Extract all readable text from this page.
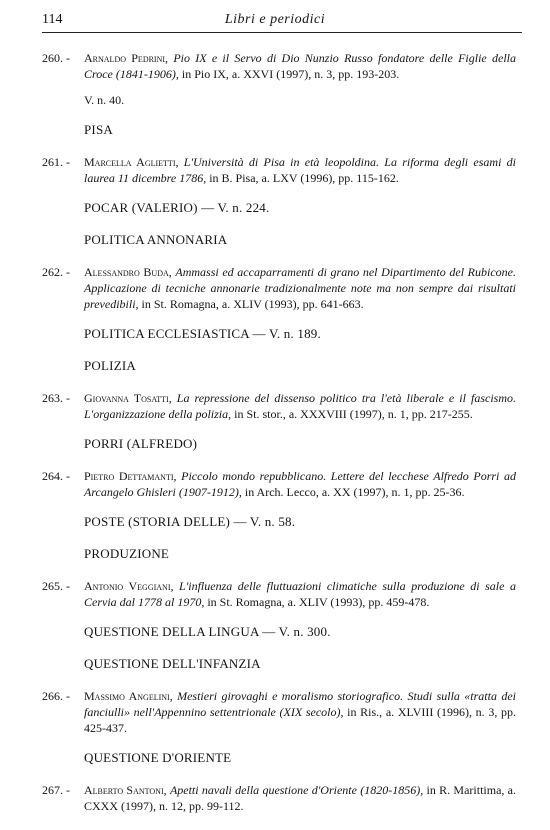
114	Libri e periodici
260. -	Arnaldo Pedrini, Pio IX e il Servo di Dio Nunzio Russo fondatore delle Figlie della Croce (1841-1906), in Pio IX, a. XXVI (1997), n. 3, pp. 193-203.
V. n. 40.
PISA
261. -	Marcella Aglietti, L'Università di Pisa in età leopoldina. La riforma degli esami di laurea 11 dicembre 1786, in B. Pisa, a. LXV (1996), pp. 115-162.
POCAR (VALERIO) — V. n. 224.
POLITICA ANNONARIA
262. -	Alessandro Buda, Ammassi ed accaparramenti di grano nel Dipartimento del Rubicone. Applicazione di tecniche annonarie tradizionalmente note ma non sempre dai risultati prevedibili, in St. Romagna, a. XLIV (1993), pp. 641-663.
POLITICA ECCLESIASTICA — V. n. 189.
POLIZIA
263. -	Giovanna Tosatti, La repressione del dissenso politico tra l'età liberale e il fascismo. L'organizzazione della polizia, in St. stor., a. XXXVIII (1997), n. 1, pp. 217-255.
PORRI (ALFREDO)
264. -	Pietro Dettamanti, Piccolo mondo repubblicano. Lettere del lecchese Alfredo Porri ad Arcangelo Ghisleri (1907-1912), in Arch. Lecco, a. XX (1997), n. 1, pp. 25-36.
POSTE (STORIA DELLE) — V. n. 58.
PRODUZIONE
265. -	Antonio Veggiani, L'influenza delle fluttuazioni climatiche sulla produzione di sale a Cervia dal 1778 al 1970, in St. Romagna, a. XLIV (1993), pp. 459-478.
QUESTIONE DELLA LINGUA — V. n. 300.
QUESTIONE DELL'INFANZIA
266. -	Massimo Angelini, Mestieri girovaghi e moralismo storiografico. Studi sulla «tratta dei fanciulli» nell'Appennino settentrionale (XIX secolo), in Ris., a. XLVIII (1996), n. 3, pp. 425-437.
QUESTIONE D'ORIENTE
267. -	Alberto Santoni, Apetti navali della questione d'Oriente (1820-1856), in R. Marittima, a. CXXX (1997), n. 12, pp. 99-112.
